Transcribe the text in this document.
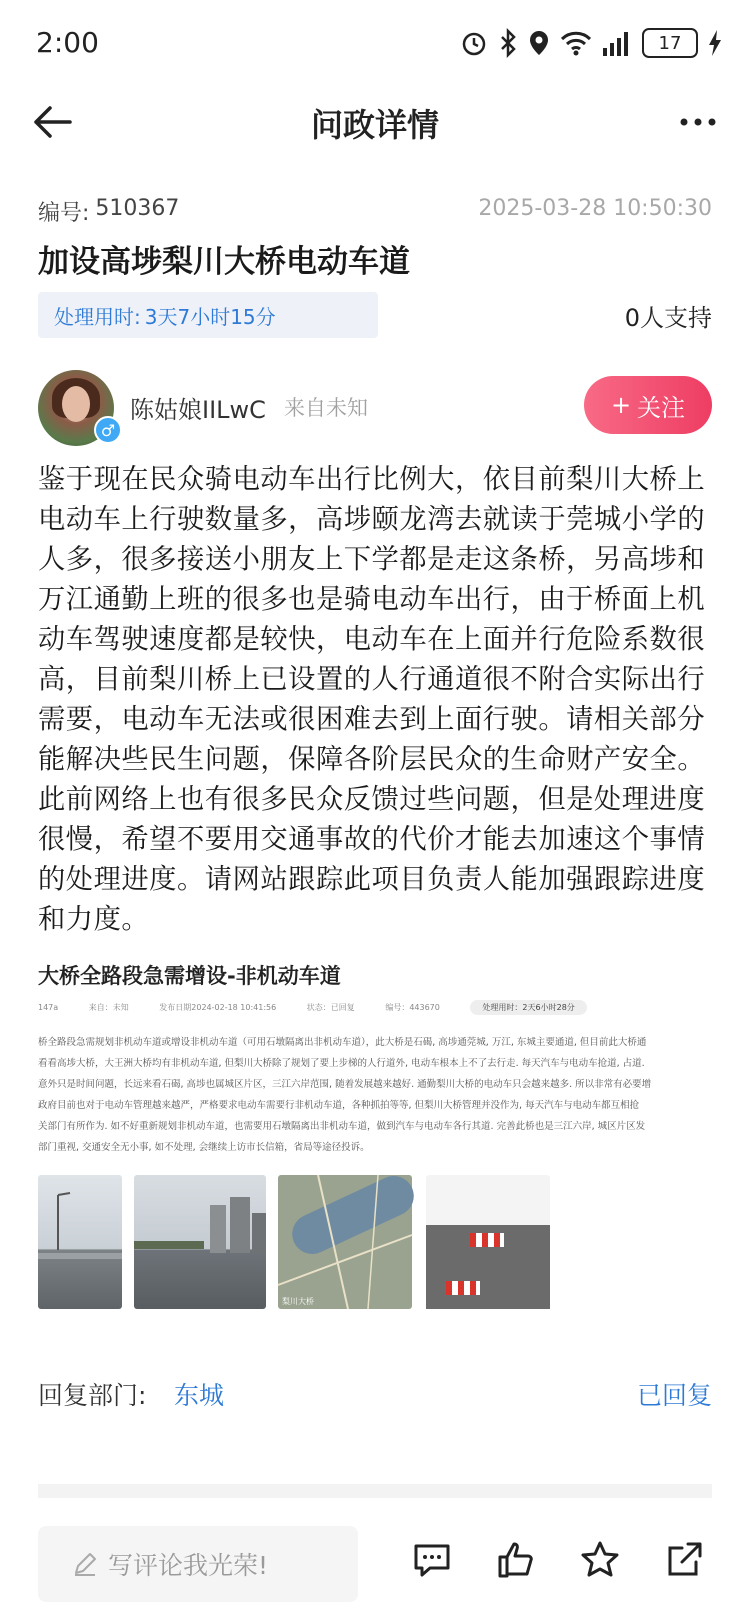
2:00	17
问政详情
编号: 510367	2025-03-28 10:50:30
加设高埗梨川大桥电动车道
处理用时: 3天7小时15分	0人支持
♂
陈姑娘IILwC 来自未知	+ 关注
鉴于现在民众骑电动车出行比例大，依目前梨川大桥上电动车上行驶数量多，高埗颐龙湾去就读于莞城小学的人多，很多接送小朋友上下学都是走这条桥，另高埗和万江通勤上班的很多也是骑电动车出行，由于桥面上机动车驾驶速度都是较快，电动车在上面并行危险系数很高，目前梨川桥上已设置的人行通道很不附合实际出行需要，电动车无法或很困难去到上面行驶。请相关部分能解决些民生问题，保障各阶层民众的生命财产安全。此前网络上也有很多民众反馈过些问题，但是处理进度很慢，希望不要用交通事故的代价才能去加速这个事情的处理进度。请网站跟踪此项目负责人能加强跟踪进度和力度。
大桥全路段急需增设-非机动车道
147a	来自：未知	发布日期2024-02-18 10:41:56	状态：已回复	编号：443670	处理用时：2天6小时28分
桥全路段急需规划非机动车道或增设非机动车道（可用石墩隔离出非机动车道），此大桥是石碣, 高埗通莞城, 万江, 东城主要通道, 但目前此大桥通
看看高埗大桥，大王洲大桥均有非机动车道, 但梨川大桥除了规划了要上步梯的人行道外, 电动车根本上不了去行走. 每天汽车与电动车抢道, 占道.
意外只是时间问题，长远来看石碣, 高埗也属城区片区，三江六岸范围, 随着发展越来越好. 通勤梨川大桥的电动车只会越来越多. 所以非常有必要增
政府目前也对于电动车管理越来越严，严格要求电动车需要行非机动车道，各种抓拍等等, 但梨川大桥管理并没作为, 每天汽车与电动车都互相抢
关部门有所作为. 如不好重新规划非机动车道，也需要用石墩隔离出非机动车道，做到汽车与电动车各行其道. 完善此桥也是三江六岸, 城区片区发
部门重视, 交通安全无小事, 如不处理, 会继续上访市长信箱，省局等途径投诉。
梨川大桥
回复部门: 东城	已回复
写评论我光荣!
